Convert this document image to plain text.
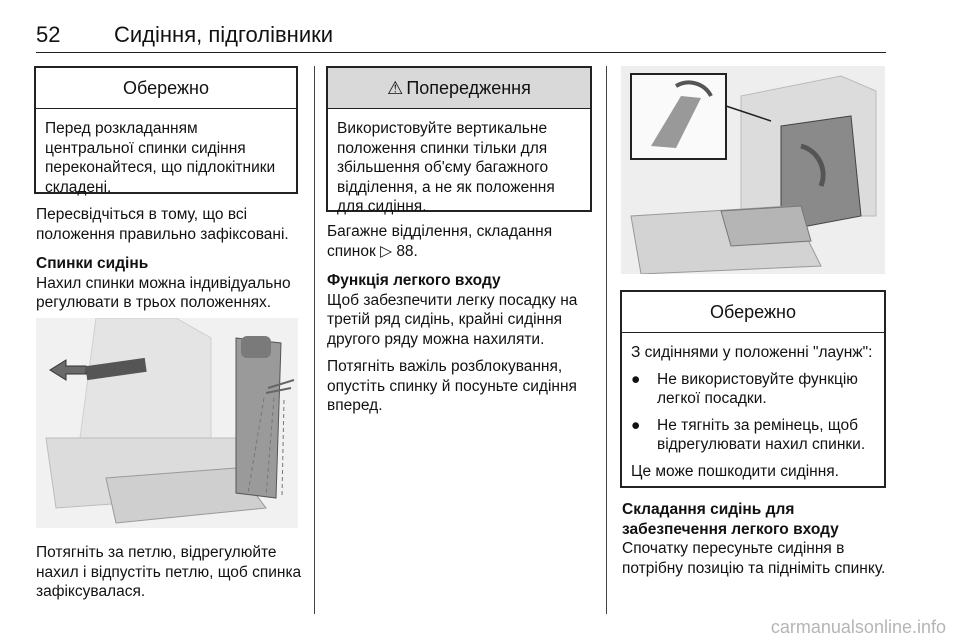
52 Сидіння, підголівники
Обережно
Перед розкладанням центральної спинки сидіння переконайтеся, що підлокітники складені.

Пересвідчіться в тому, що всі положення правильно зафіксовані.

Спинки сидінь

Нахил спинки можна індивідуально регулювати в трьох положеннях.

Потягніть за петлю, відрегулюйте нахил і відпустіть петлю, щоб спинка зафіксувалася.
⚠ Попередження
Використовуйте вертикальне положення спинки тільки для збільшення об'єму багажного відділення, а не як положення для сидіння.

Багажне відділення, складання спинок ▷ 88.

Функція легкого входу

Щоб забезпечити легку посадку на третій ряд сидінь, крайні сидіння другого ряду можна нахиляти.

Потягніть важіль розблокування, опустіть спинку й посуньте сидіння вперед.

Обережно

З сидіннями у положенні "лаунж":

●	Не використовуйте функцію легкої посадки.
●	Не тягніть за ремінець, щоб відрегулювати нахил спинки.

Це може пошкодити сидіння.

Складання сидінь для забезпечення легкого входу

Спочатку пересуньте сидіння в потрібну позицію та підніміть спинку.

carmanualsonline.info
